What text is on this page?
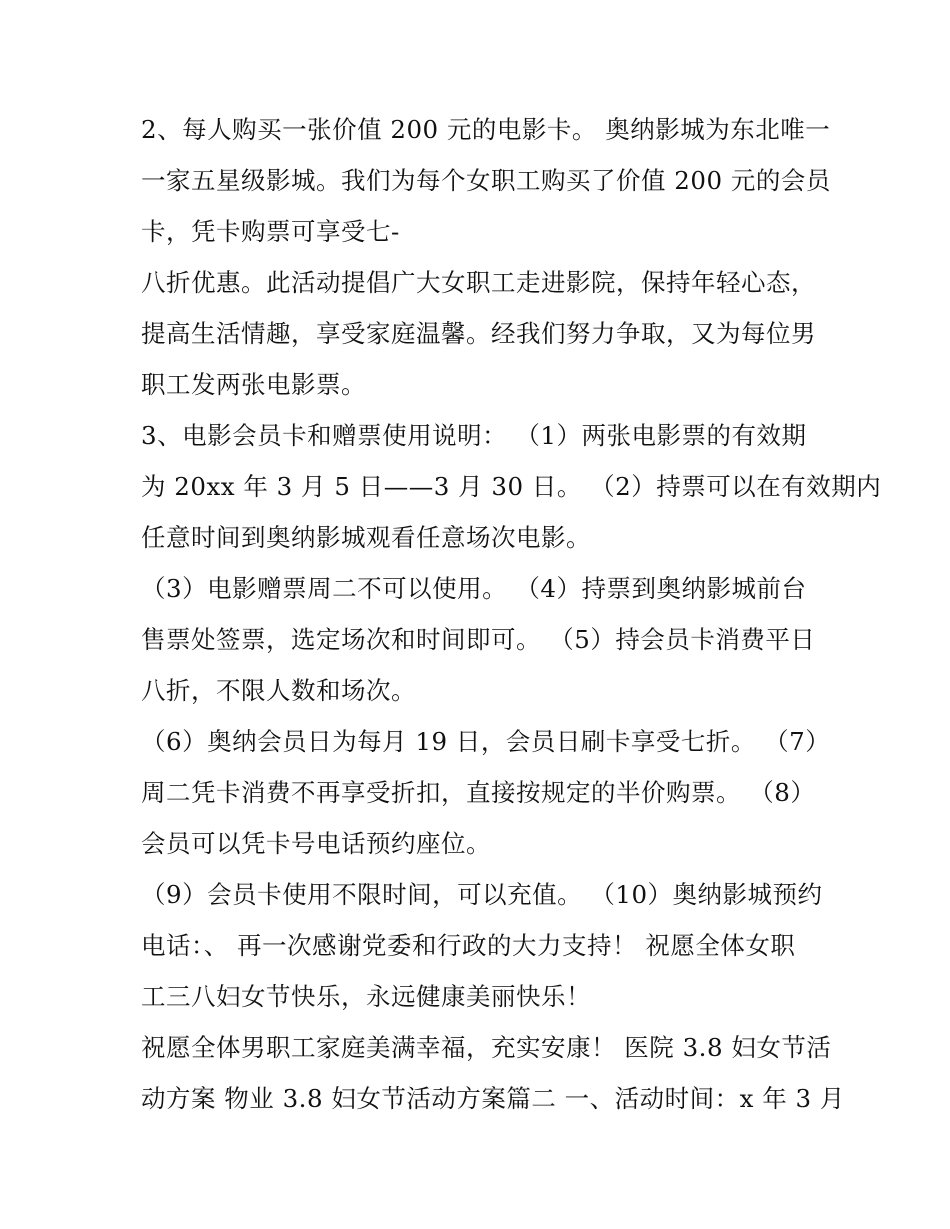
2、每人购买一张价值 200 元的电影卡。 奥纳影城为东北唯一
一家五星级影城。我们为每个女职工购买了价值 200 元的会员
卡，凭卡购票可享受七-
八折优惠。此活动提倡广大女职工走进影院，保持年轻心态，
提高生活情趣，享受家庭温馨。经我们努力争取，又为每位男
职工发两张电影票。
3、电影会员卡和赠票使用说明： （1）两张电影票的有效期
为 20xx 年 3 月 5 日——3 月 30 日。 （2）持票可以在有效期内
任意时间到奥纳影城观看任意场次电影。
（3）电影赠票周二不可以使用。 （4）持票到奥纳影城前台
售票处签票，选定场次和时间即可。 （5）持会员卡消费平日
八折，不限人数和场次。
（6）奥纳会员日为每月 19 日，会员日刷卡享受七折。 （7）
周二凭卡消费不再享受折扣，直接按规定的半价购票。 （8）
会员可以凭卡号电话预约座位。
（9）会员卡使用不限时间，可以充值。 （10）奥纳影城预约
电话：、 再一次感谢党委和行政的大力支持！ 祝愿全体女职
工三八妇女节快乐，永远健康美丽快乐！
祝愿全体男职工家庭美满幸福，充实安康！ 医院 3.8 妇女节活
动方案 物业 3.8 妇女节活动方案篇二 一、活动时间：x 年 3 月
